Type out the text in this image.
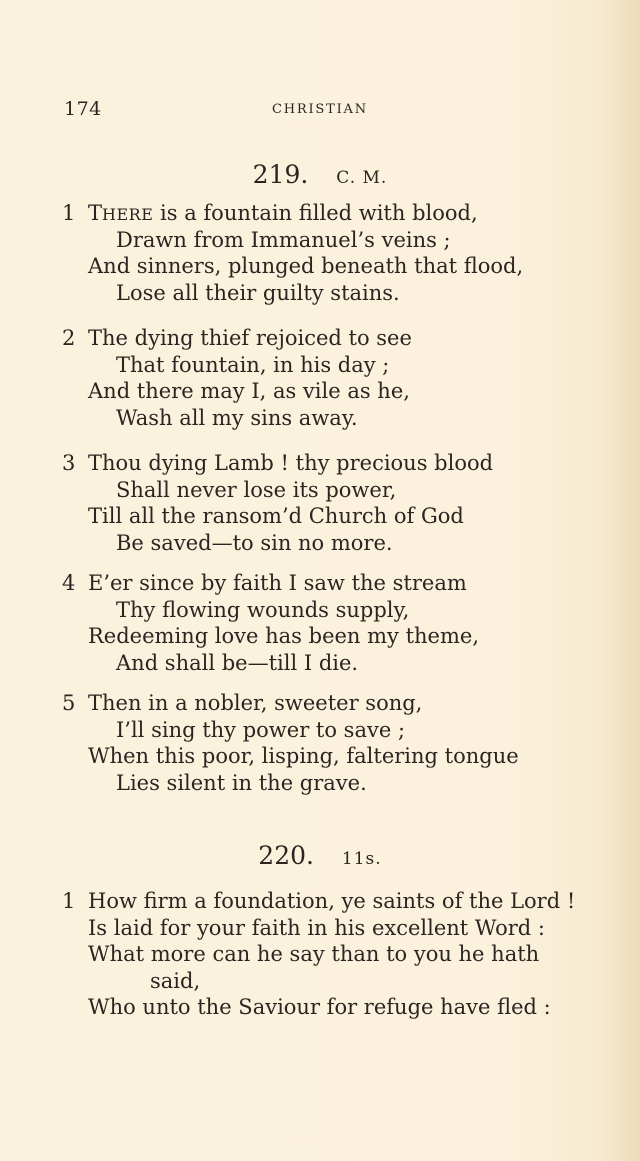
174	CHRISTIAN
219. C. M.
1 THERE is a fountain filled with blood,
Drawn from Immanuel’s veins ;
And sinners, plunged beneath that flood,
Lose all their guilty stains.
2 The dying thief rejoiced to see
That fountain, in his day ;
And there may I, as vile as he,
Wash all my sins away.
3 Thou dying Lamb ! thy precious blood
Shall never lose its power,
Till all the ransom’d Church of God
Be saved—to sin no more.
4 E’er since by faith I saw the stream
Thy flowing wounds supply,
Redeeming love has been my theme,
And shall be—till I die.
5 Then in a nobler, sweeter song,
I’ll sing thy power to save ;
When this poor, lisping, faltering tongue
Lies silent in the grave.
220. 11s.
1 How firm a foundation, ye saints of the Lord !
Is laid for your faith in his excellent Word :
What more can he say than to you he hath
said,
Who unto the Saviour for refuge have fled :
